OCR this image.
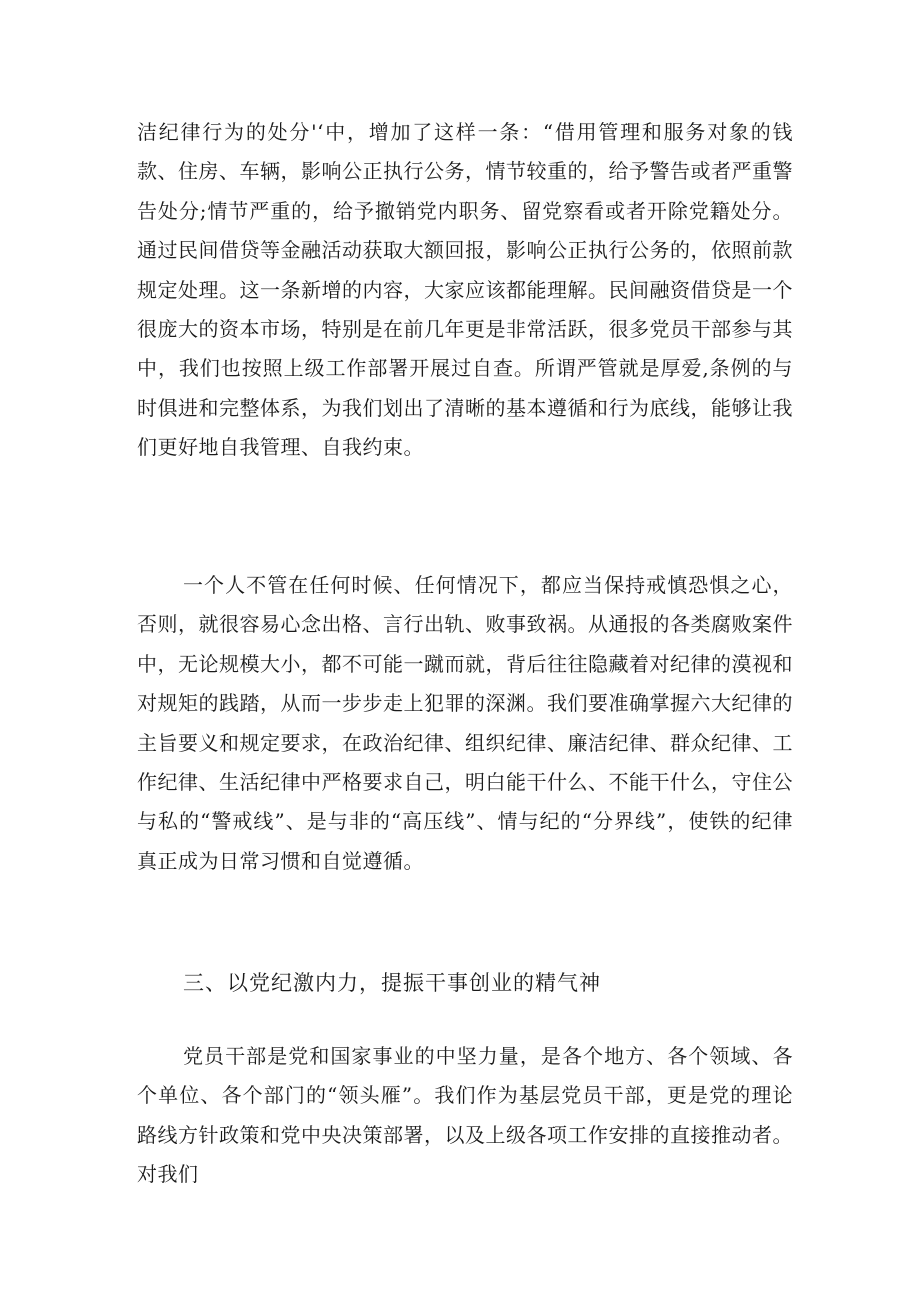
洁纪律行为的处分'‘中，增加了这样一条：“借用管理和服务对象的钱款、住房、车辆，影响公正执行公务，情节较重的，给予警告或者严重警告处分;情节严重的，给予撤销党内职务、留党察看或者开除党籍处分。通过民间借贷等金融活动获取大额回报，影响公正执行公务的，依照前款规定处理。这一条新增的内容，大家应该都能理解。民间融资借贷是一个很庞大的资本市场，特别是在前几年更是非常活跃，很多党员干部参与其中，我们也按照上级工作部署开展过自查。所谓严管就是厚爱,条例的与时俱进和完整体系，为我们划出了清晰的基本遵循和行为底线，能够让我们更好地自我管理、自我约束。

一个人不管在任何时候、任何情况下，都应当保持戒慎恐惧之心，否则，就很容易心念出格、言行出轨、败事致祸。从通报的各类腐败案件中，无论规模大小，都不可能一蹴而就，背后往往隐藏着对纪律的漠视和对规矩的践踏，从而一步步走上犯罪的深渊。我们要准确掌握六大纪律的主旨要义和规定要求，在政治纪律、组织纪律、廉洁纪律、群众纪律、工作纪律、生活纪律中严格要求自己，明白能干什么、不能干什么，守住公与私的“警戒线”、是与非的“高压线”、情与纪的“分界线”，使铁的纪律真正成为日常习惯和自觉遵循。

三、以党纪激内力，提振干事创业的精气神

党员干部是党和国家事业的中坚力量，是各个地方、各个领域、各个单位、各个部门的“领头雁”。我们作为基层党员干部，更是党的理论路线方针政策和党中央决策部署，以及上级各项工作安排的直接推动者。对我们
